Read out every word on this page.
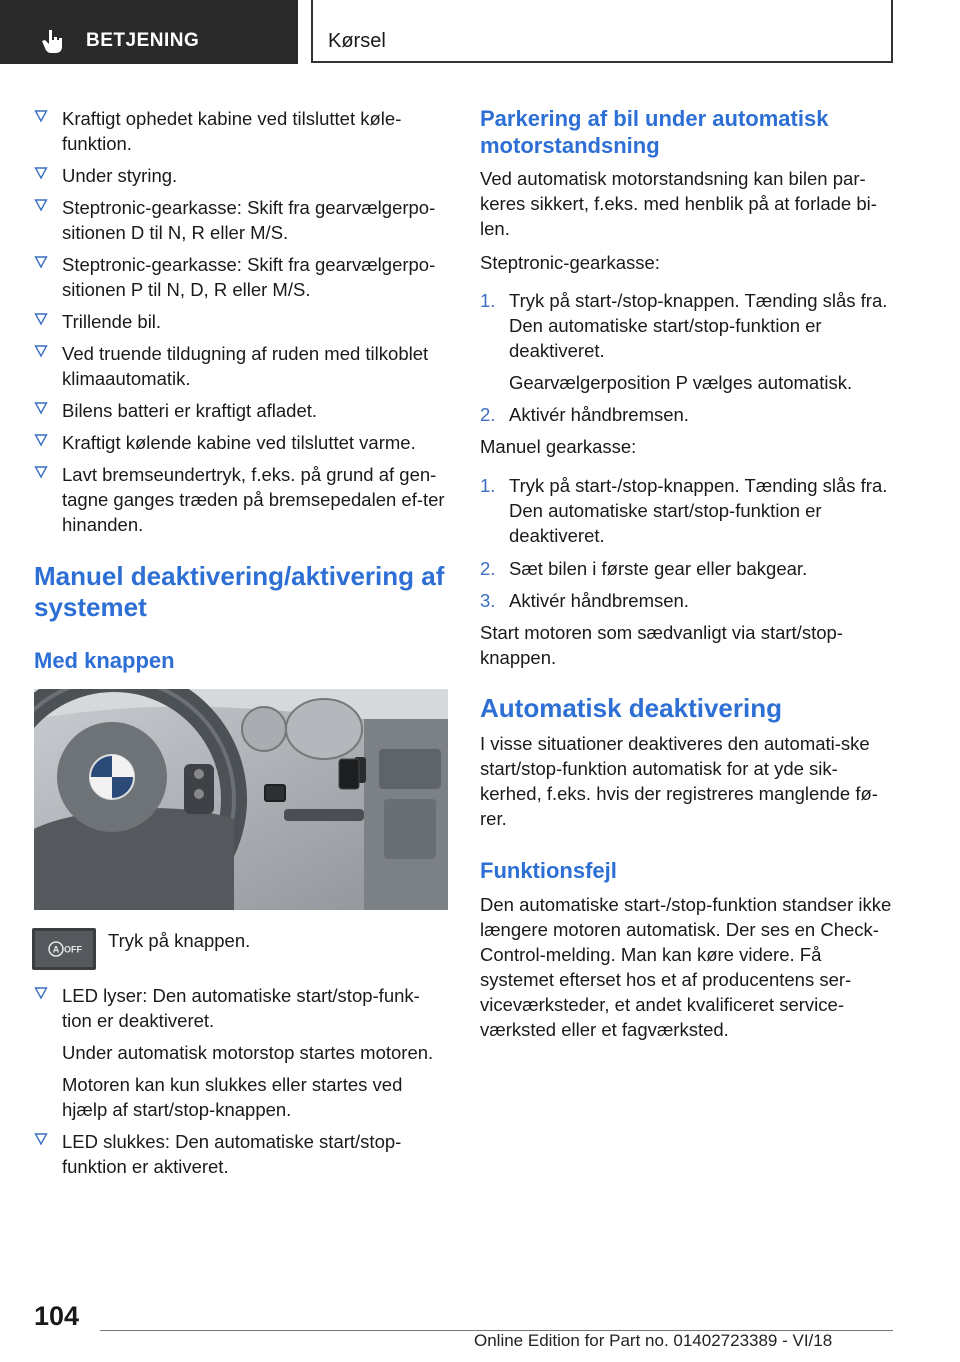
BETJENING	Kørsel
Kraftigt ophedet kabine ved tilsluttet køle-funktion.
Under styring.
Steptronic-gearkasse: Skift fra gearvælgerpo-sitionen D til N, R eller M/S.
Steptronic-gearkasse: Skift fra gearvælgerpo-sitionen P til N, D, R eller M/S.
Trillende bil.
Ved truende tildugning af ruden med tilkoblet klimaautomatik.
Bilens batteri er kraftigt afladet.
Kraftigt kølende kabine ved tilsluttet varme.
Lavt bremseundertryk, f.eks. på grund af gen-tagne ganges træden på bremsepedalen ef-ter hinanden.
Manuel deaktivering/aktivering af systemet
Med knappen
A OFF Tryk på knappen.
LED lyser: Den automatiske start/stop-funk-tion er deaktiveret.
Under automatisk motorstop startes motoren.
Motoren kan kun slukkes eller startes ved hjælp af start/stop-knappen.
LED slukkes: Den automatiske start/stop-funktion er aktiveret.
Parkering af bil under automatisk motorstandsning
Ved automatisk motorstandsning kan bilen par-keres sikkert, f.eks. med henblik på at forlade bi-len.
Steptronic-gearkasse:
1. Tryk på start-/stop-knappen. Tænding slås fra. Den automatiske start/stop-funktion er deaktiveret.
Gearvælgerposition P vælges automatisk.
2. Aktivér håndbremsen.
Manuel gearkasse:
1. Tryk på start-/stop-knappen. Tænding slås fra. Den automatiske start/stop-funktion er deaktiveret.
2. Sæt bilen i første gear eller bakgear.
3. Aktivér håndbremsen.
Start motoren som sædvanligt via start/stop-knappen.
Automatisk deaktivering
I visse situationer deaktiveres den automati-ske start/stop-funktion automatisk for at yde sik-kerhed, f.eks. hvis der registreres manglende fø-rer.
Funktionsfejl
Den automatiske start-/stop-funktion standser ikke længere motoren automatisk. Der ses en Check-Control-melding. Man kan køre videre. Få systemet efterset hos et af producentens ser-viceværksteder, et andet kvalificeret service-værksted eller et fagværksted.
104
Online Edition for Part no. 01402723389 - VI/18
